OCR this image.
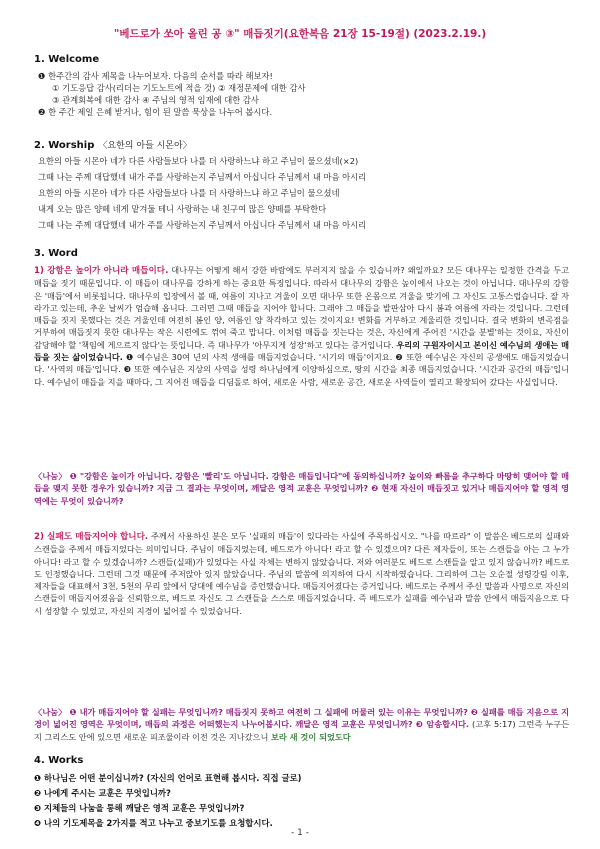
"베드로가 쏘아 올린 공 ③" 매듭짓기(요한복음 21장 15-19절) (2023.2.19.)
1. Welcome
❶ 한주간의 감사 제목을 나누어보자. 다음의 순서를 따라 해보자!
① 기도응답 감사(리더는 기도노트에 적을 것) ② 재정문제에 대한 감사
③ 관계회복에 대한 감사 ④ 주님의 영적 임재에 대한 감사
❷ 한 주간 제일 은혜 받거나, 힘이 된 말씀 묵상을 나누어 봅시다.
2. Worship 〈요한의 아들 시몬아〉
요한의 아들 시몬아 네가 다른 사람들보다 나를 더 사랑하느냐 하고 주님이 물으셨네(×2)
그때 나는 주께 대답했네 내가 주를 사랑하는지 주님께서 아십니다 주님께서 내 마음 아시리
요한의 아들 시몬아 네가 다른 사람들보다 나를 더 사랑하느냐 하고 주님이 물으셨네
내게 오는 많은 양떼 네게 맡겨둘 테니 사랑하는 내 친구여 많은 양떼를 부탁한다
그때 나는 주께 대답했네 내가 주를 사랑하는지 주님께서 아십니다 주님께서 내 마음 아시리
3. Word
1) 강함은 높이가 아니라 매듭이다. 대나무는 어떻게 해서 강한 바람에도 부러지지 않을 수 있습니까? 왜일까요? 모든 대나무는 일정한 간격을 두고 매듭을 짓기 때문입니다. 이 매듭이 대나무를 강하게 하는 중요한 특징입니다. 따라서 대나무의 강함은 높이에서 나오는 것이 아닙니다. 대나무의 강함은 '매듭'에서 비롯됩니다. 대나무의 입장에서 볼 때, 여름이 지나고 겨울이 오면 대나무 또한 온몸으로 겨울을 맞기에 그 자신도 고통스럽습니다. 잘 자라가고 있는데, 추운 날씨가 엄습해 옵니다. 그러면 그때 매듭을 지어야 합니다. 그래야 그 매듭을 발판삼아 다시 봄과 여름에 자라는 것입니다. 그런데 매듭을 짓지 못했다는 것은 겨울인데 여전히 봄인 양, 여름인 양 착각하고 있는 것이지요! 변화를 거부하고 계울리한 것입니다. 결국 변화의 변곡점을 거부하여 매듭짓지 못한 대나무는 작은 시련에도 꺾여 죽고 맙니다. 이처럼 매듭을 짓는다는 것은, 자신에게 주어진 '시간을 분별'하는 것이요, 자신이 감당해야 할 '책임에 게으르지 않다'는 뜻입니다. 즉 대나무가 '아무지게 성장'하고 있다는 증거입니다. 우리의 구원자이시고 본이신 예수님의 생애는 매듭을 짓는 삶이었습니다. ❶ 예수님은 30여 년의 사적 생애를 매듭지었습니다. '시기의 매듭'이지요. ❷ 또한 예수님은 자신의 공생애도 매듭지었습니다. '사역의 매듭'입니다. ❸ 또한 예수님은 지상의 사역을 성령 하나님에게 이양하심으로, 땅의 시간을 최종 매듭지었습니다. '시간과 공간의 매듭'입니다. 예수님이 매듭을 지을 때마다, 그 지어진 매듭을 디딤돌로 하여, 새로운 사람, 새로운 공간, 새로운 사역들이 열리고 확장되어 갔다는 사실입니다.
〈나눔〉 ❶ "강함은 높이가 아닙니다. 강함은 '빨리'도 아닙니다. 강함은 매듭입니다"에 동의하십니까? 높이와 빠름을 추구하다 마땅히 맺어야 할 매듭을 맺지 못한 경우가 있습니까? 지금 그 결과는 무엇이며, 깨달은 영적 교훈은 무엇입니까? ❷ 현재 자신이 매듭짓고 있거나 매듭지어야 할 영적 영역에는 무엇이 있습니까?
2) 실패도 매듭지어야 합니다. 주께서 사용하신 분은 모두 '실패의 매듭'이 있다라는 사실에 주목하십시오. "나를 따르라" 이 말씀은 베드로의 실패와 스캔들을 주께서 매듭지었다는 의미입니다. 주님이 매듭지었는데, 베드로가 아니다! 라고 할 수 있겠으며? 다른 제자들이, 또는 스캔들을 아는 그 누가 아니다! 라고 할 수 있겠습니까? 스캔들(실패)가 있었다는 사실 자체는 변하지 않았습니다. 저와 여러분도 베드로 스캔들을 알고 있지 않습니까? 베드로도 인정했습니다. 그런데 그것 때문에 주저앉아 있지 않았습니다. 주님의 말씀에 의지하여 다시 시작하였습니다. 그리하여 그는 오순절 성령강림 이후, 제자들을 대표해서 3천, 5천의 무리 앞에서 당대에 예수님을 증언했습니다. 매듭지어졌다는 증거입니다. 베드로는 주께서 주신 말씀과 사명으로 자신의 스캔들이 매듭지어졌음을 신뢰함으로, 베드로 자신도 그 스캔들을 스스로 매듭지었습니다. 즉 베드로가 실패를 예수님과 말씀 안에서 매듭지음으로 다시 성장할 수 있었고, 자신의 지경이 넓어질 수 있었습니다.
〈나눔〉 ❶ 내가 매듭지어야 할 실패는 무엇입니까? 매듭짓지 못하고 여전히 그 실패에 머물러 있는 이유는 무엇입니까? ❷ 실패를 매듭 지음으로 지경이 넓어진 영역은 무엇이며, 매듭의 과정은 어떠했는지 나누어봅시다. 깨달은 영적 교훈은 무엇입니까? ❸ 암송합시다. (고후 5:17) 그런즉 누구든지 그리스도 안에 있으면 새로운 피조물이라 이전 것은 지나갔으니 보라 새 것이 되었도다
4. Works
❶ 하나님은 어떤 분이십니까? (자신의 언어로 표현해 봅시다. 직접 글로)
❷ 나에게 주시는 교훈은 무엇입니까?
❸ 지체들의 나눔을 통해 깨달은 영적 교훈은 무엇입니까?
❹ 나의 기도제목을 2가지를 적고 나누고 중보기도를 요청합시다.
- 1 -
